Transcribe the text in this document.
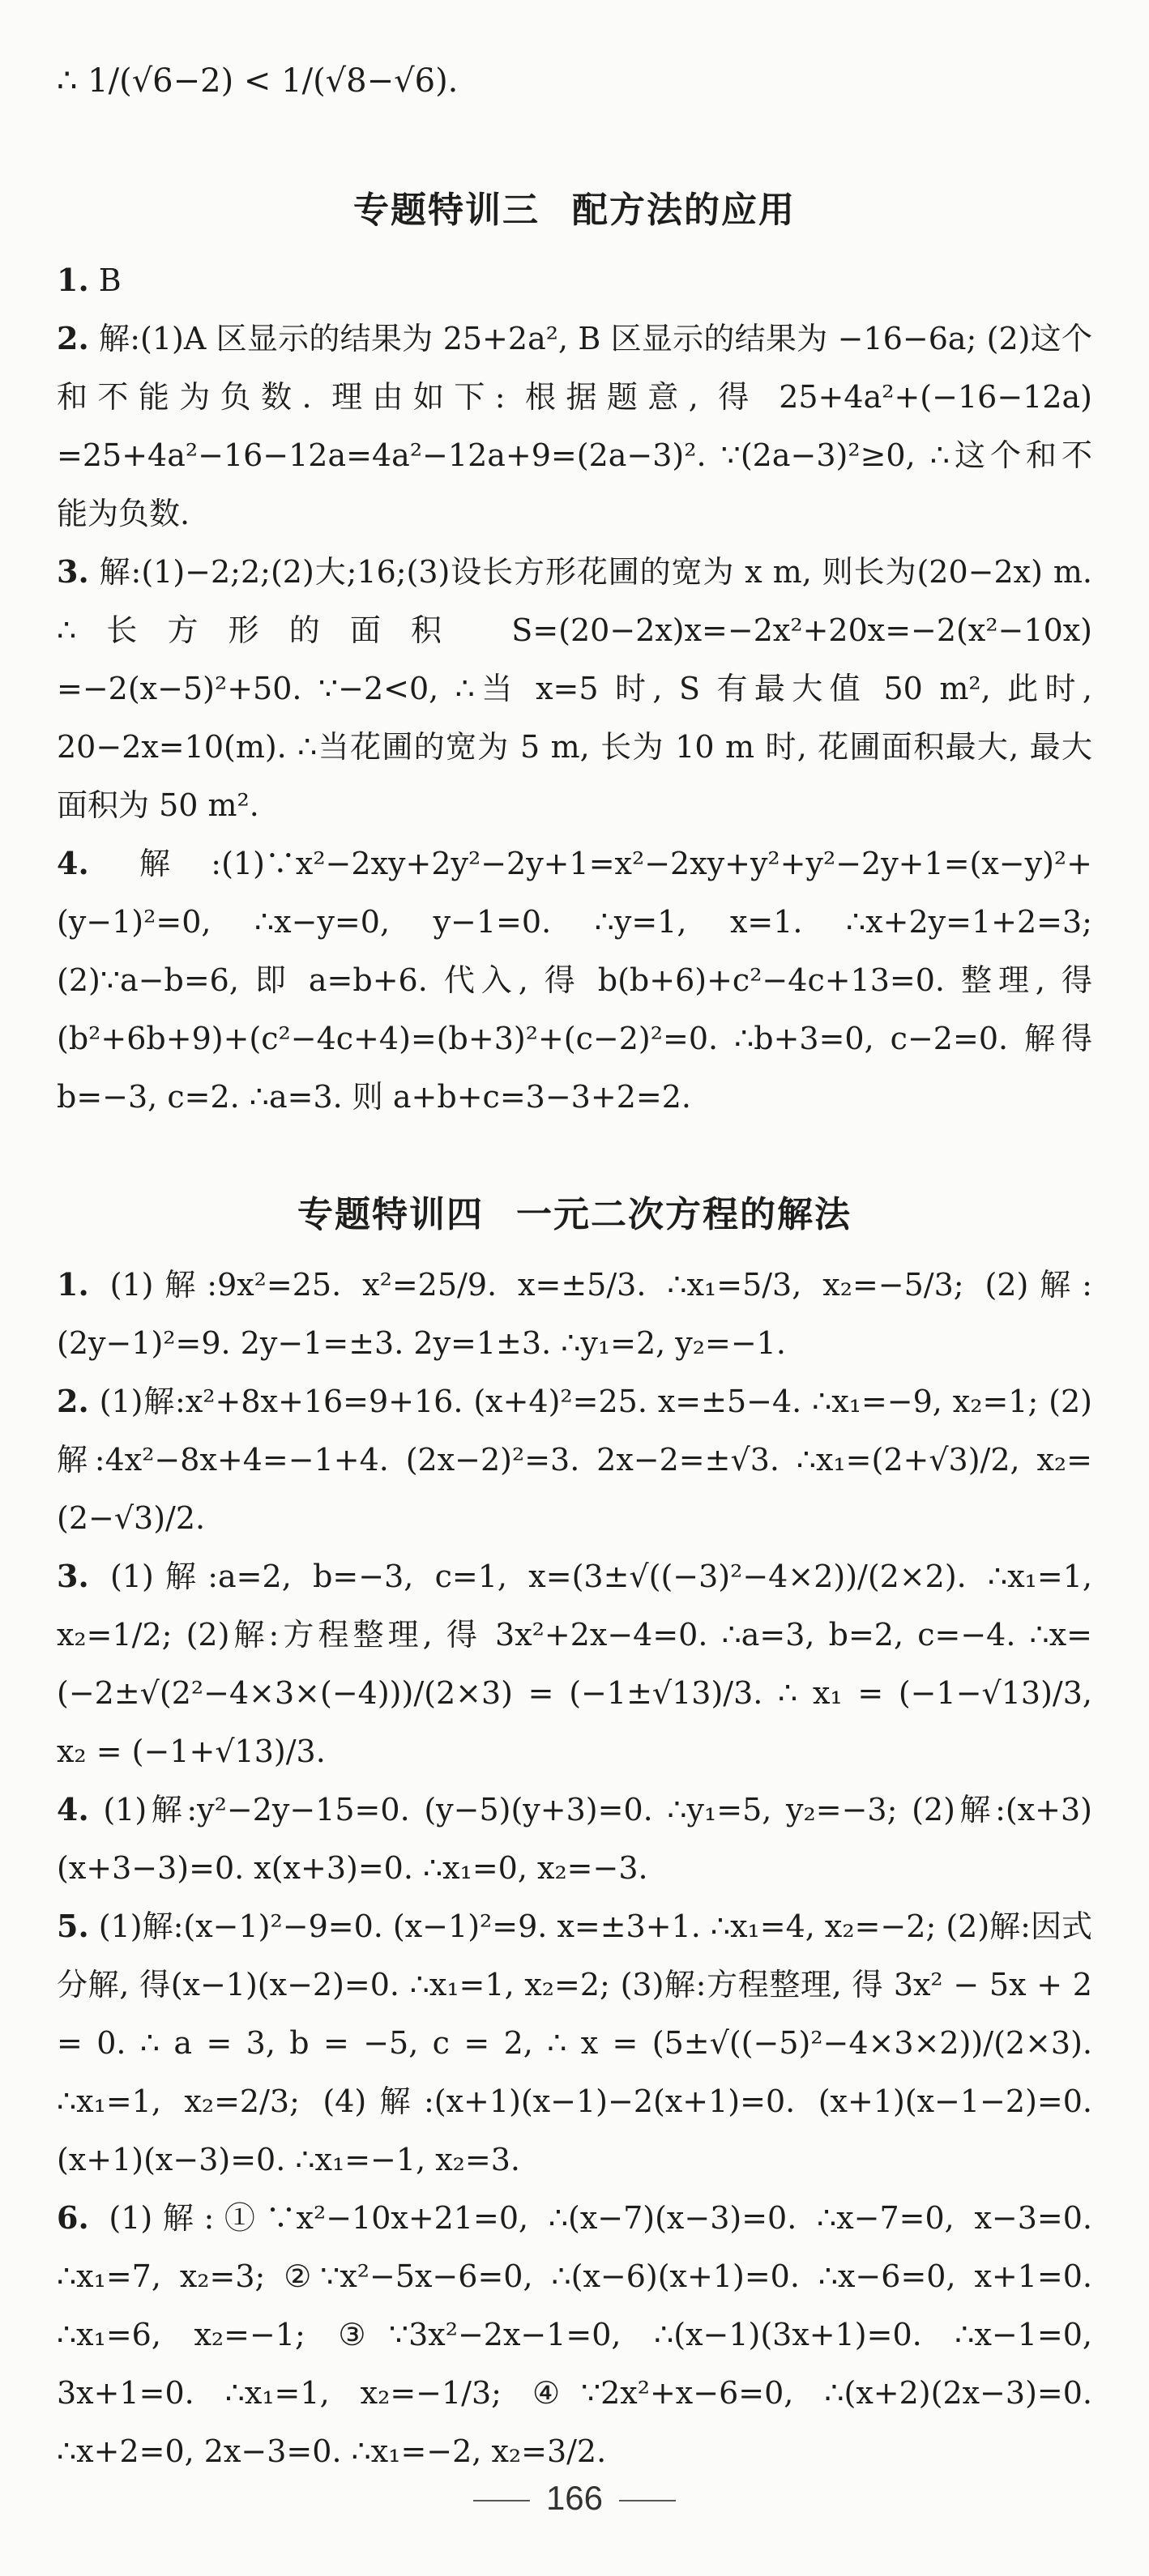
∴ 1/(√6−2) < 1/(√8−√6).
专题特训三 配方法的应用
1. B
2. 解:(1)A 区显示的结果为 25+2a², B 区显示的结果为 −16−6a; (2)这个和不能为负数. 理由如下: 根据题意, 得 25+4a²+(−16−12a) =25+4a²−16−12a=4a²−12a+9=(2a−3)². ∵(2a−3)²≥0, ∴这个和不能为负数.
3. 解:(1)−2;2;(2)大;16;(3)设长方形花圃的宽为 x m, 则长为(20−2x) m. ∴长方形的面积 S=(20−2x)x=−2x²+20x=−2(x²−10x) =−2(x−5)²+50. ∵−2<0, ∴当 x=5 时, S 有最大值 50 m², 此时, 20−2x=10(m). ∴当花圃的宽为 5 m, 长为 10 m 时, 花圃面积最大, 最大面积为 50 m².
4. 解:(1)∵x²−2xy+2y²−2y+1=x²−2xy+y²+y²−2y+1=(x−y)²+(y−1)²=0, ∴x−y=0, y−1=0. ∴y=1, x=1. ∴x+2y=1+2=3; (2)∵a−b=6, 即 a=b+6. 代入, 得 b(b+6)+c²−4c+13=0. 整理, 得(b²+6b+9)+(c²−4c+4)=(b+3)²+(c−2)²=0. ∴b+3=0, c−2=0. 解得 b=−3, c=2. ∴a=3. 则 a+b+c=3−3+2=2.
专题特训四 一元二次方程的解法
1. (1)解:9x²=25. x²=25/9. x=±5/3. ∴x₁=5/3, x₂=−5/3; (2)解:(2y−1)²=9. 2y−1=±3. 2y=1±3. ∴y₁=2, y₂=−1.
2. (1)解:x²+8x+16=9+16. (x+4)²=25. x=±5−4. ∴x₁=−9, x₂=1; (2)解:4x²−8x+4=−1+4. (2x−2)²=3. 2x−2=±√3. ∴x₁=(2+√3)/2, x₂=(2−√3)/2.
3. (1)解:a=2, b=−3, c=1, x=(3±√((−3)²−4×2))/(2×2). ∴x₁=1, x₂=1/2; (2)解:方程整理, 得 3x²+2x−4=0. ∴a=3, b=2, c=−4. ∴x=(−2±√(2²−4×3×(−4)))/(2×3) = (−1±√13)/3. ∴ x₁ = (−1−√13)/3, x₂ = (−1+√13)/3.
4. (1)解:y²−2y−15=0. (y−5)(y+3)=0. ∴y₁=5, y₂=−3; (2)解:(x+3)(x+3−3)=0. x(x+3)=0. ∴x₁=0, x₂=−3.
5. (1)解:(x−1)²−9=0. (x−1)²=9. x=±3+1. ∴x₁=4, x₂=−2; (2)解:因式分解, 得(x−1)(x−2)=0. ∴x₁=1, x₂=2; (3)解:方程整理, 得 3x² − 5x + 2 = 0. ∴ a = 3, b = −5, c = 2, ∴ x = (5±√((−5)²−4×3×2))/(2×3). ∴x₁=1, x₂=2/3; (4)解:(x+1)(x−1)−2(x+1)=0. (x+1)(x−1−2)=0. (x+1)(x−3)=0. ∴x₁=−1, x₂=3.
6. (1)解:①∵x²−10x+21=0, ∴(x−7)(x−3)=0. ∴x−7=0, x−3=0. ∴x₁=7, x₂=3; ②∵x²−5x−6=0, ∴(x−6)(x+1)=0. ∴x−6=0, x+1=0. ∴x₁=6, x₂=−1; ③∵3x²−2x−1=0, ∴(x−1)(3x+1)=0. ∴x−1=0, 3x+1=0. ∴x₁=1, x₂=−1/3; ④∵2x²+x−6=0, ∴(x+2)(2x−3)=0. ∴x+2=0, 2x−3=0. ∴x₁=−2, x₂=3/2.
166
